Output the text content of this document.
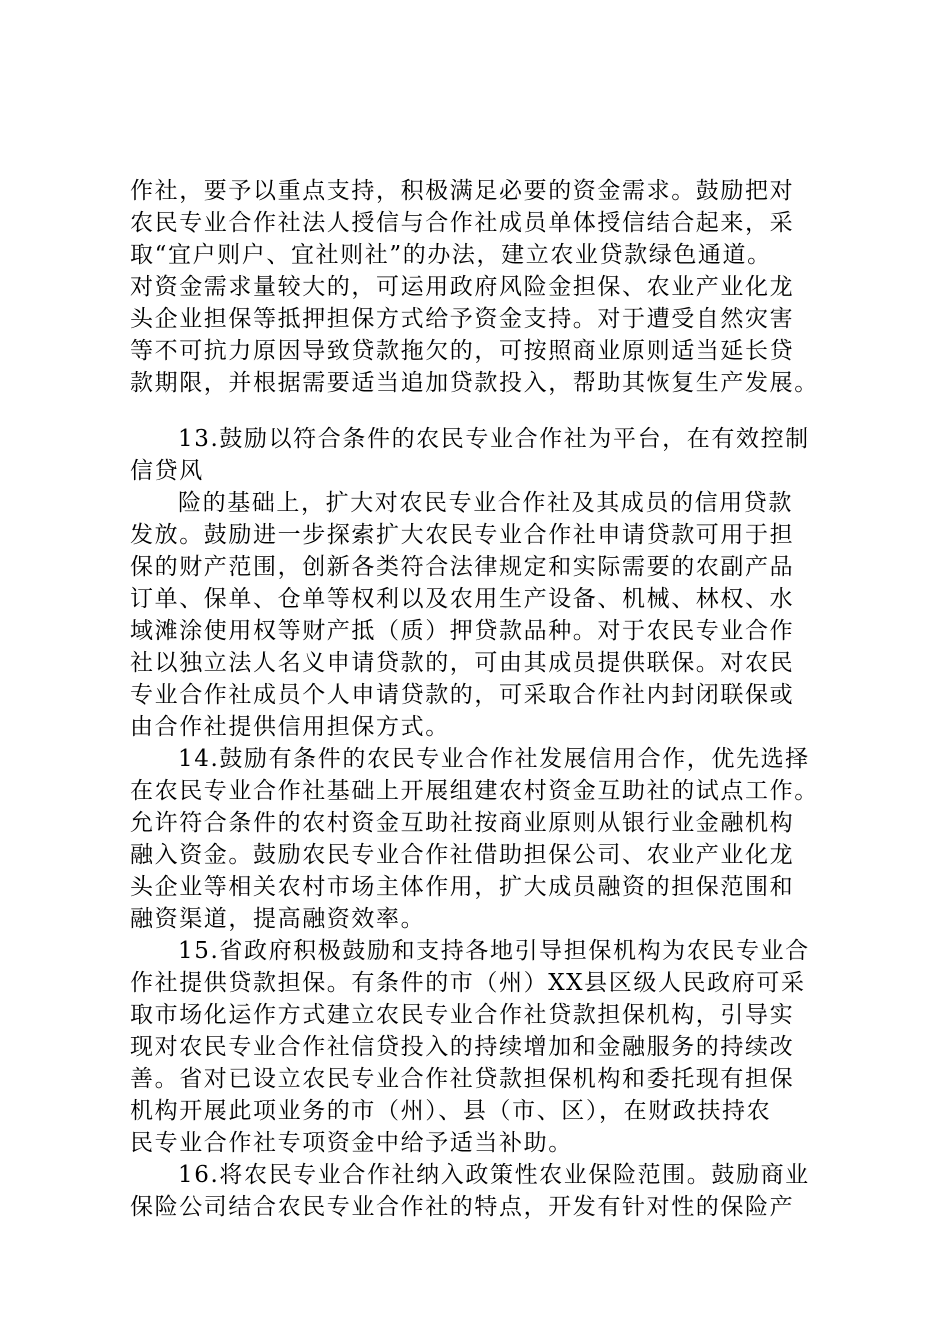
作社，要予以重点支持，积极满足必要的资金需求。鼓励把对
农民专业合作社法人授信与合作社成员单体授信结合起来，采
取“宜户则户、宜社则社”的办法，建立农业贷款绿色通道。
对资金需求量较大的，可运用政府风险金担保、农业产业化龙
头企业担保等抵押担保方式给予资金支持。对于遭受自然灾害
等不可抗力原因导致贷款拖欠的，可按照商业原则适当延长贷
款期限，并根据需要适当追加贷款投入，帮助其恢复生产发展。
13.鼓励以符合条件的农民专业合作社为平台，在有效控制
信贷风
险的基础上，扩大对农民专业合作社及其成员的信用贷款
发放。鼓励进一步探索扩大农民专业合作社申请贷款可用于担
保的财产范围，创新各类符合法律规定和实际需要的农副产品
订单、保单、仓单等权利以及农用生产设备、机械、林权、水
域滩涂使用权等财产抵（质）押贷款品种。对于农民专业合作
社以独立法人名义申请贷款的，可由其成员提供联保。对农民
专业合作社成员个人申请贷款的，可采取合作社内封闭联保或
由合作社提供信用担保方式。
14.鼓励有条件的农民专业合作社发展信用合作，优先选择
在农民专业合作社基础上开展组建农村资金互助社的试点工作。
允许符合条件的农村资金互助社按商业原则从银行业金融机构
融入资金。鼓励农民专业合作社借助担保公司、农业产业化龙
头企业等相关农村市场主体作用，扩大成员融资的担保范围和
融资渠道，提高融资效率。
15.省政府积极鼓励和支持各地引导担保机构为农民专业合
作社提供贷款担保。有条件的市（州）XX县区级人民政府可采
取市场化运作方式建立农民专业合作社贷款担保机构，引导实
现对农民专业合作社信贷投入的持续增加和金融服务的持续改
善。省对已设立农民专业合作社贷款担保机构和委托现有担保
机构开展此项业务的市（州）、县（市、区），在财政扶持农
民专业合作社专项资金中给予适当补助。
16.将农民专业合作社纳入政策性农业保险范围。鼓励商业
保险公司结合农民专业合作社的特点，开发有针对性的保险产
